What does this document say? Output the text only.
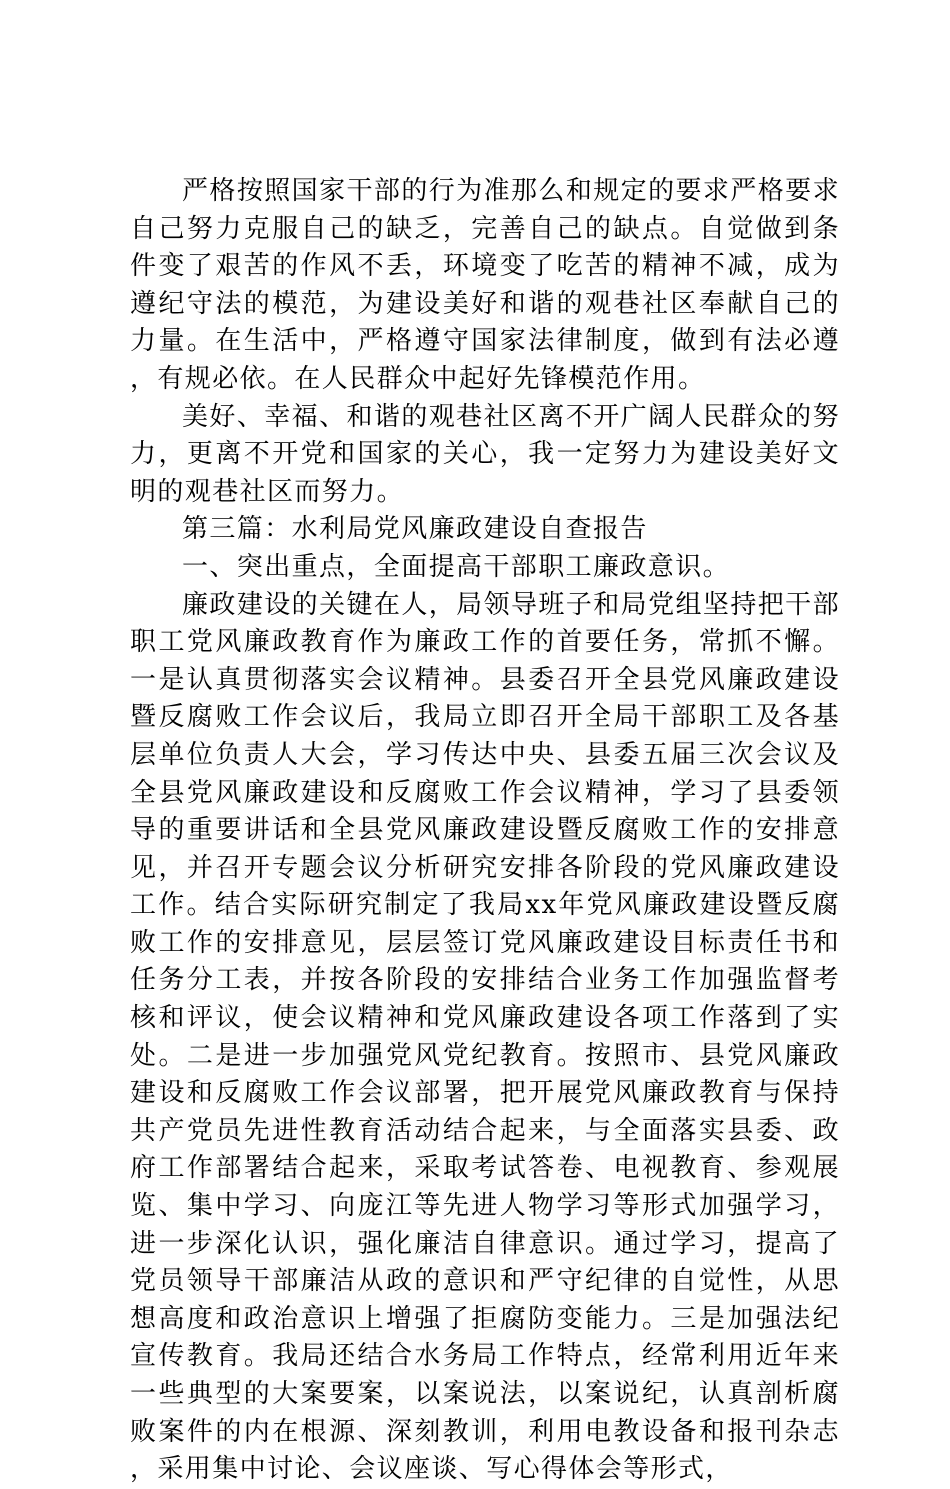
严格按照国家干部的行为准那么和规定的要求严格要求自己努力克服自己的缺乏，完善自己的缺点。自觉做到条件变了艰苦的作风不丢，环境变了吃苦的精神不减，成为遵纪守法的模范，为建设美好和谐的观巷社区奉献自己的力量。在生活中，严格遵守国家法律制度，做到有法必遵，有规必依。在人民群众中起好先锋模范作用。

美好、幸福、和谐的观巷社区离不开广阔人民群众的努力，更离不开党和国家的关心，我一定努力为建设美好文明的观巷社区而努力。

第三篇：水利局党风廉政建设自查报告

一、突出重点，全面提高干部职工廉政意识。

廉政建设的关键在人，局领导班子和局党组坚持把干部职工党风廉政教育作为廉政工作的首要任务，常抓不懈。一是认真贯彻落实会议精神。县委召开全县党风廉政建设暨反腐败工作会议后，我局立即召开全局干部职工及各基层单位负责人大会，学习传达中央、县委五届三次会议及全县党风廉政建设和反腐败工作会议精神，学习了县委领导的重要讲话和全县党风廉政建设暨反腐败工作的安排意见，并召开专题会议分析研究安排各阶段的党风廉政建设工作。结合实际研究制定了我局xx年党风廉政建设暨反腐败工作的安排意见，层层签订党风廉政建设目标责任书和任务分工表，并按各阶段的安排结合业务工作加强监督考核和评议，使会议精神和党风廉政建设各项工作落到了实处。二是进一步加强党风党纪教育。按照市、县党风廉政建设和反腐败工作会议部署，把开展党风廉政教育与保持共产党员先进性教育活动结合起来，与全面落实县委、政府工作部署结合起来，采取考试答卷、电视教育、参观展览、集中学习、向庞江等先进人物学习等形式加强学习，进一步深化认识，强化廉洁自律意识。通过学习，提高了党员领导干部廉洁从政的意识和严守纪律的自觉性，从思想高度和政治意识上增强了拒腐防变能力。三是加强法纪宣传教育。我局还结合水务局工作特点，经常利用近年来一些典型的大案要案，以案说法，以案说纪，认真剖析腐败案件的内在根源、深刻教训，利用电教设备和报刊杂志，采用集中讨论、会议座谈、写心得体会等形式，
